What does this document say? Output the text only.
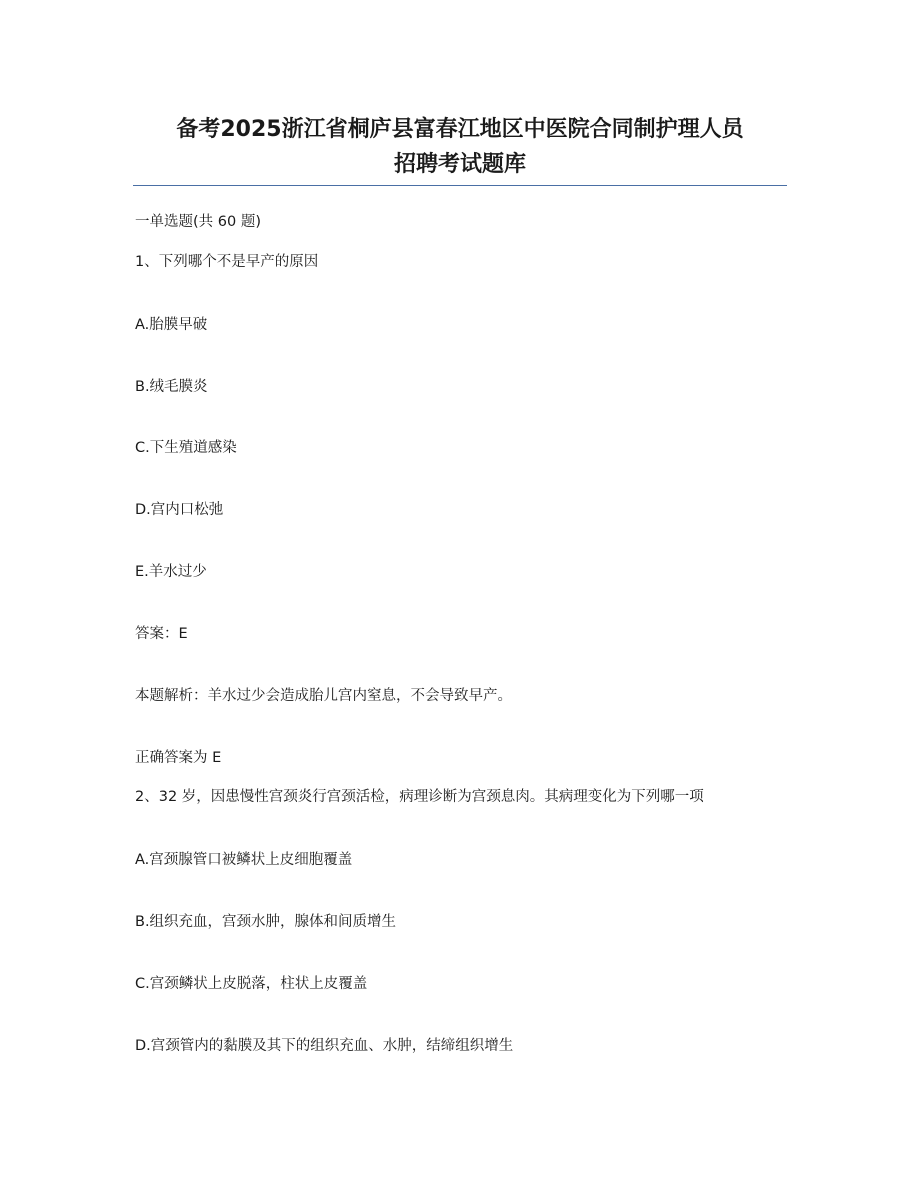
备考2025浙江省桐庐县富春江地区中医院合同制护理人员
招聘考试题库

一单选题(共 60 题)

1、下列哪个不是早产的原因

A.胎膜早破

B.绒毛膜炎

C.下生殖道感染

D.宫内口松弛

E.羊水过少

答案：E

本题解析：羊水过少会造成胎儿宫内窒息，不会导致早产。

正确答案为 E

2、32 岁，因患慢性宫颈炎行宫颈活检，病理诊断为宫颈息肉。其病理变化为下列哪一项

A.宫颈腺管口被鳞状上皮细胞覆盖

B.组织充血，宫颈水肿，腺体和间质增生

C.宫颈鳞状上皮脱落，柱状上皮覆盖

D.宫颈管内的黏膜及其下的组织充血、水肿，结缔组织增生
